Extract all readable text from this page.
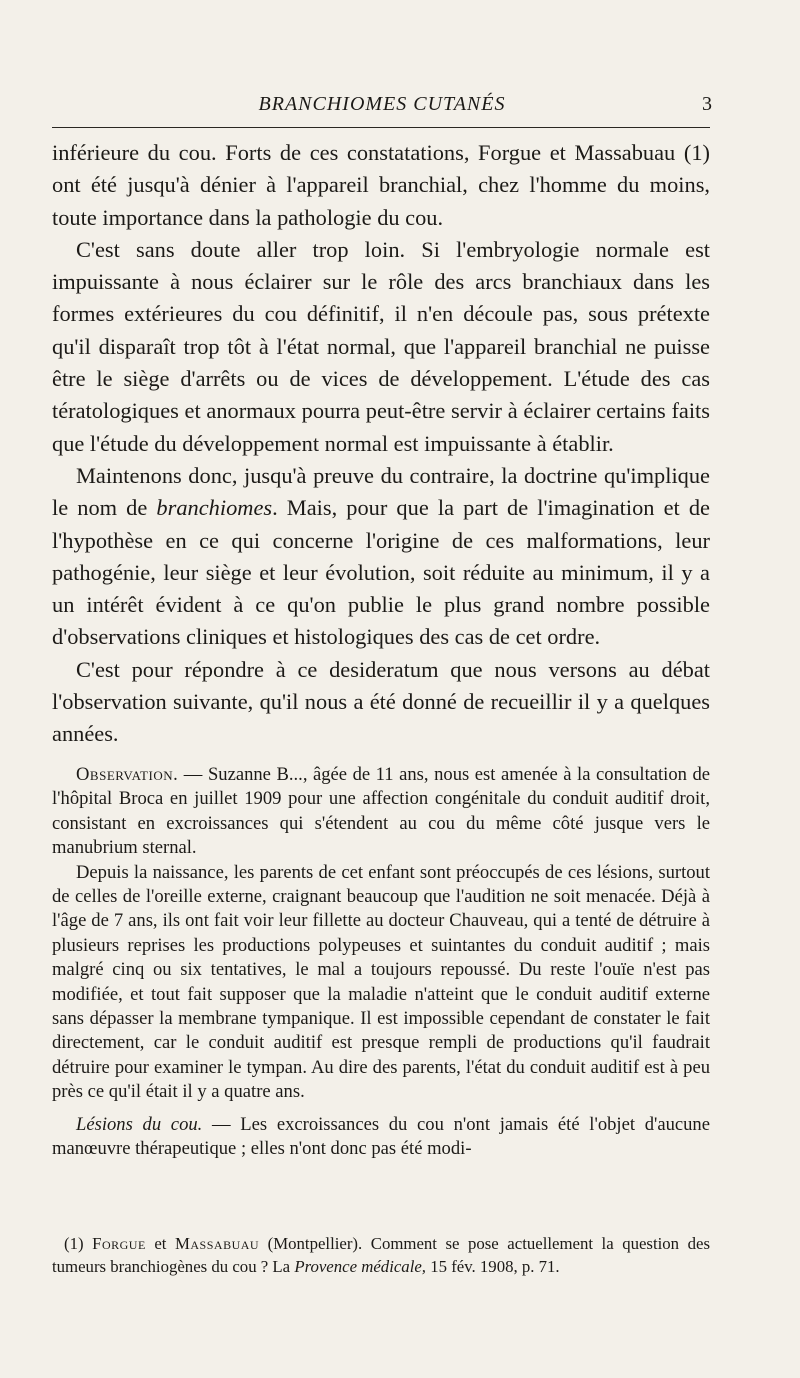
BRANCHIOMES CUTANÉS	3

inférieure du cou. Forts de ces constatations, Forgue et Massabuau (1) ont été jusqu'à dénier à l'appareil branchial, chez l'homme du moins, toute importance dans la pathologie du cou.

C'est sans doute aller trop loin. Si l'embryologie normale est impuissante à nous éclairer sur le rôle des arcs branchiaux dans les formes extérieures du cou définitif, il n'en découle pas, sous prétexte qu'il disparaît trop tôt à l'état normal, que l'appareil branchial ne puisse être le siège d'arrêts ou de vices de développement. L'étude des cas tératologiques et anormaux pourra peut-être servir à éclairer certains faits que l'étude du développement normal est impuissante à établir.

Maintenons donc, jusqu'à preuve du contraire, la doctrine qu'implique le nom de branchiomes. Mais, pour que la part de l'imagination et de l'hypothèse en ce qui concerne l'origine de ces malformations, leur pathogénie, leur siège et leur évolution, soit réduite au minimum, il y a un intérêt évident à ce qu'on publie le plus grand nombre possible d'observations cliniques et histologiques des cas de cet ordre.

C'est pour répondre à ce desideratum que nous versons au débat l'observation suivante, qu'il nous a été donné de recueillir il y a quelques années.

Observation. — Suzanne B..., âgée de 11 ans, nous est amenée à la consultation de l'hôpital Broca en juillet 1909 pour une affection congénitale du conduit auditif droit, consistant en excroissances qui s'étendent au cou du même côté jusque vers le manubrium sternal.

Depuis la naissance, les parents de cet enfant sont préoccupés de ces lésions, surtout de celles de l'oreille externe, craignant beaucoup que l'audition ne soit menacée. Déjà à l'âge de 7 ans, ils ont fait voir leur fillette au docteur Chauveau, qui a tenté de détruire à plusieurs reprises les productions polypeuses et suintantes du conduit auditif ; mais malgré cinq ou six tentatives, le mal a toujours repoussé. Du reste l'ouïe n'est pas modifiée, et tout fait supposer que la maladie n'atteint que le conduit auditif externe sans dépasser la membrane tympanique. Il est impossible cependant de constater le fait directement, car le conduit auditif est presque rempli de productions qu'il faudrait détruire pour examiner le tympan. Au dire des parents, l'état du conduit auditif est à peu près ce qu'il était il y a quatre ans.

Lésions du cou. — Les excroissances du cou n'ont jamais été l'objet d'aucune manœuvre thérapeutique ; elles n'ont donc pas été modi-

(1) Forgue et Massabuau (Montpellier). Comment se pose actuellement la question des tumeurs branchiogènes du cou ? La Provence médicale, 15 fév. 1908, p. 71.
